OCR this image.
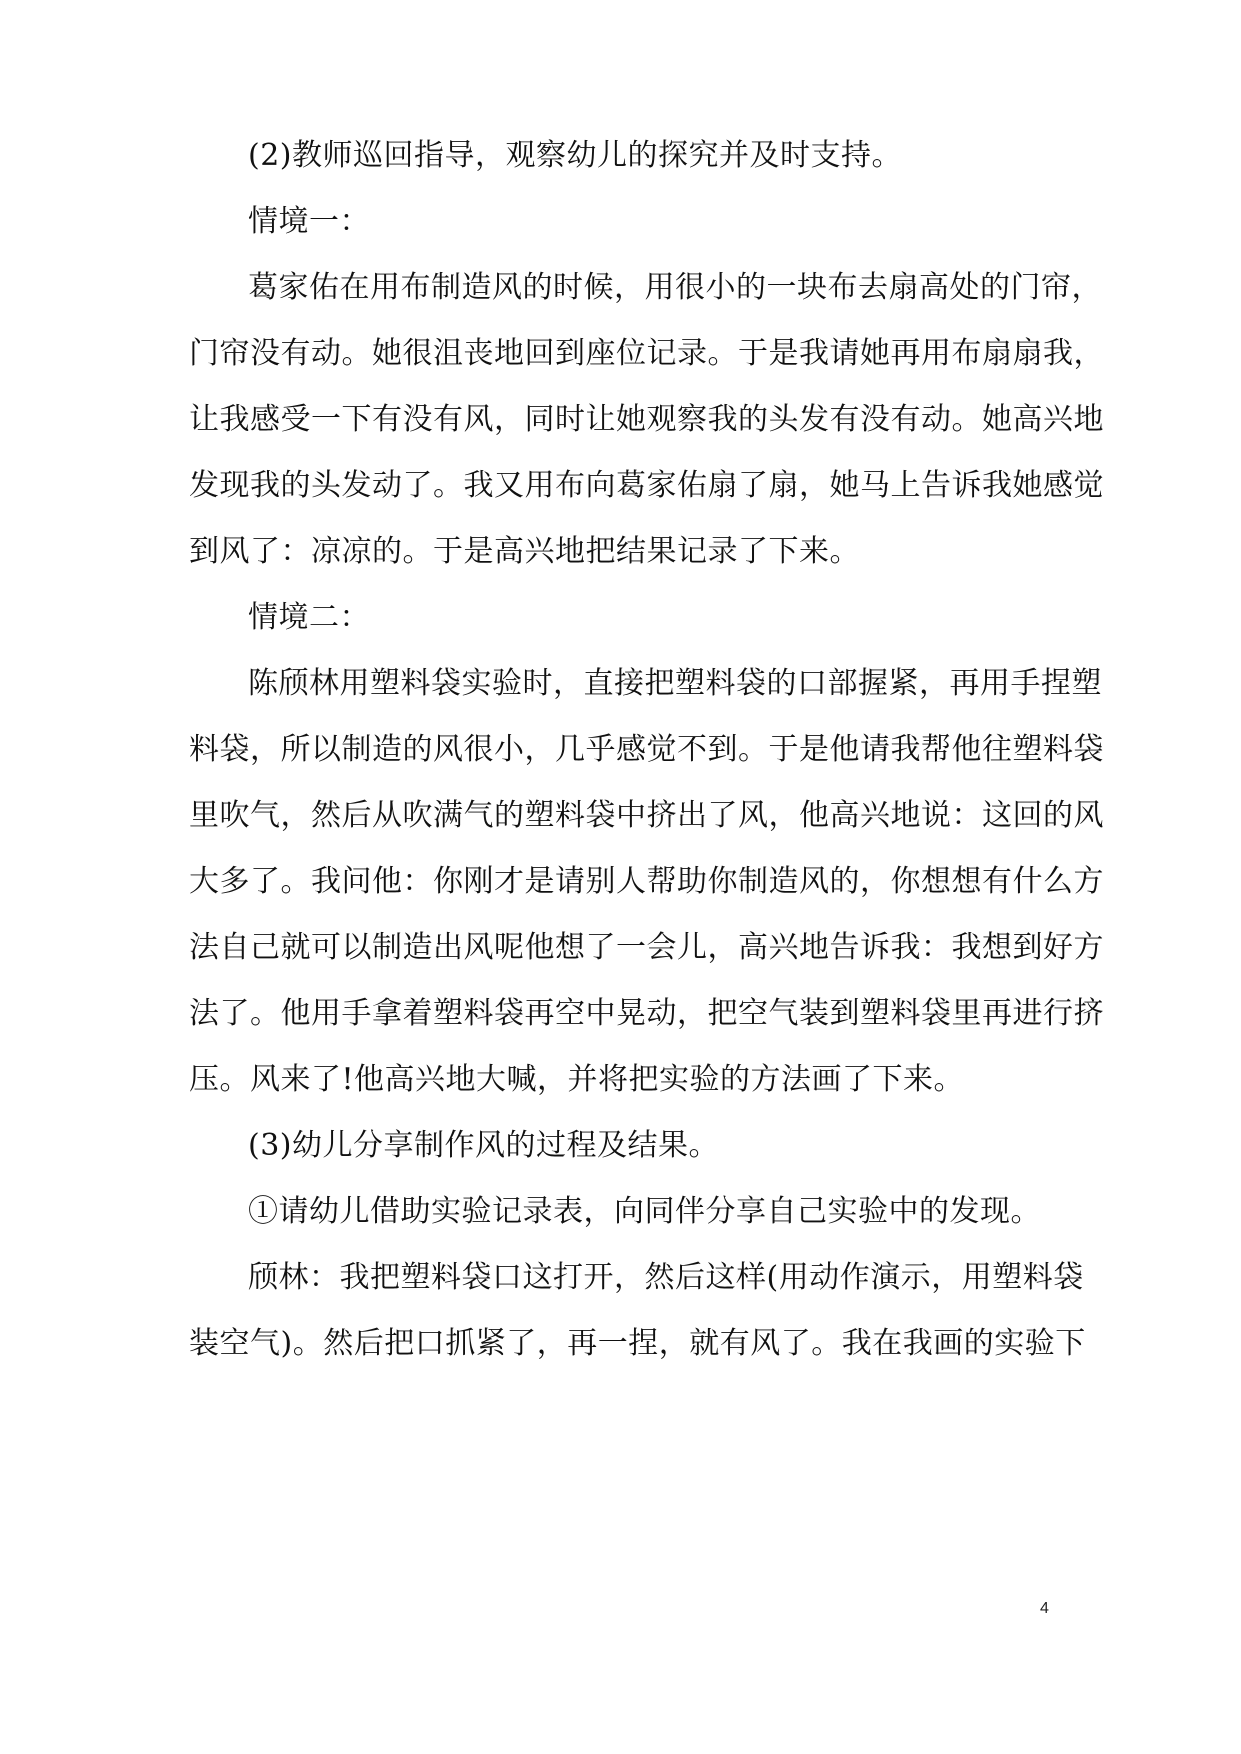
(2)教师巡回指导，观察幼儿的探究并及时支持。
情境一：
葛家佑在用布制造风的时候，用很小的一块布去扇高处的门帘，
门帘没有动。她很沮丧地回到座位记录。于是我请她再用布扇扇我，
让我感受一下有没有风，同时让她观察我的头发有没有动。她高兴地
发现我的头发动了。我又用布向葛家佑扇了扇，她马上告诉我她感觉
到风了：凉凉的。于是高兴地把结果记录了下来。
情境二：
陈颀林用塑料袋实验时，直接把塑料袋的口部握紧，再用手捏塑
料袋，所以制造的风很小，几乎感觉不到。于是他请我帮他往塑料袋
里吹气，然后从吹满气的塑料袋中挤出了风，他高兴地说：这回的风
大多了。我问他：你刚才是请别人帮助你制造风的，你想想有什么方
法自己就可以制造出风呢他想了一会儿，高兴地告诉我：我想到好方
法了。他用手拿着塑料袋再空中晃动，把空气装到塑料袋里再进行挤
压。风来了!他高兴地大喊，并将把实验的方法画了下来。
(3)幼儿分享制作风的过程及结果。
①请幼儿借助实验记录表，向同伴分享自己实验中的发现。
颀林：我把塑料袋口这打开，然后这样(用动作演示，用塑料袋
装空气)。然后把口抓紧了，再一捏，就有风了。我在我画的实验下
4
